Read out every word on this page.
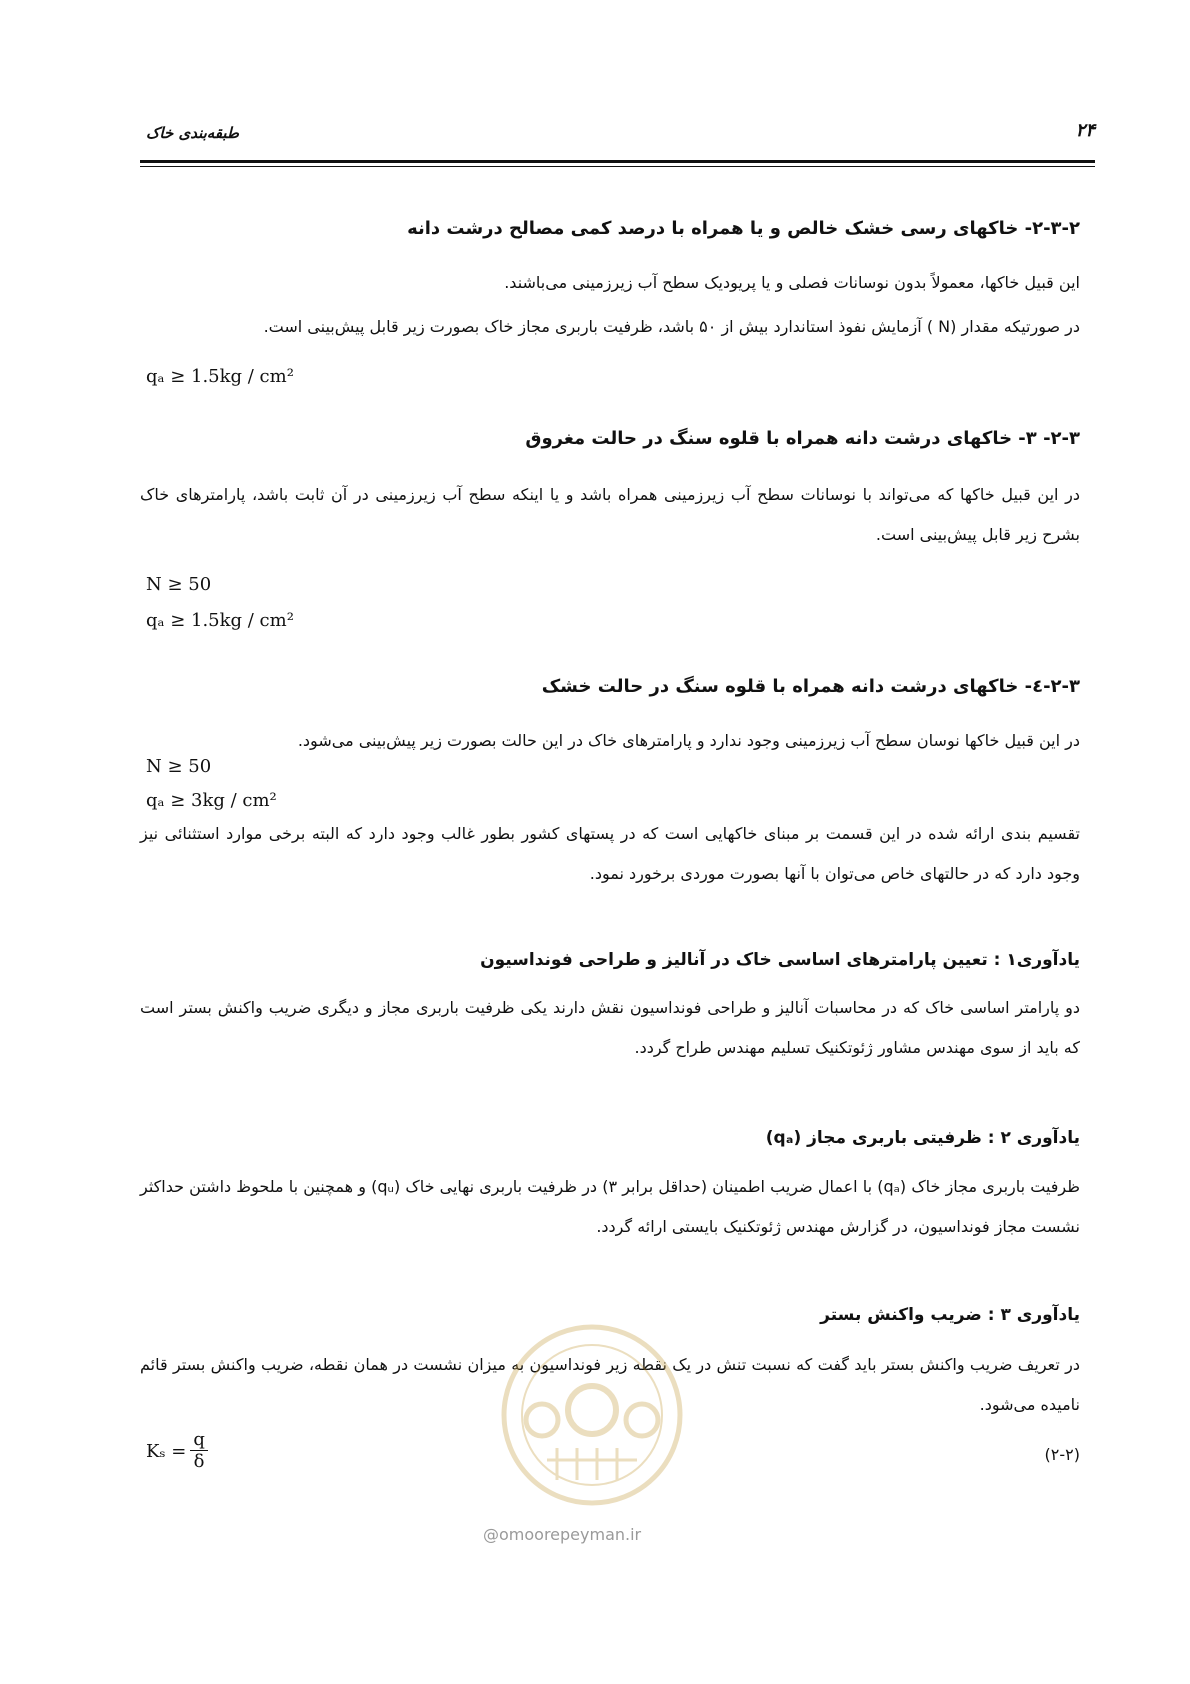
طبقه‌بندی خاک	۲۴
۲-۳-۲- خاکهای رسی خشک خالص و یا همراه با درصد کمی مصالح درشت دانه
این قبیل خاکها، معمولاً بدون نوسانات فصلی و یا پریودیک سطح آب زیرزمینی می‌باشند.
در صورتیکه مقدار (N ) آزمایش نفوذ استاندارد بیش از ۵۰ باشد، ظرفیت باربری مجاز خاک بصورت زیر قابل پیش‌بینی است.
qₐ ≥ 1.5kg / cm²
۲-۳- ۳- خاکهای درشت دانه همراه با قلوه سنگ در حالت مغروق
در این قبیل خاکها که می‌تواند با نوسانات سطح آب زیرزمینی همراه باشد و یا اینکه سطح آب زیرزمینی در آن ثابت باشد، پارامترهای خاک بشرح زیر قابل پیش‌بینی است.
N ≥ 50
qₐ ≥ 1.5kg / cm²
۲-۳-٤- خاکهای درشت دانه همراه با قلوه سنگ در حالت خشک
در این قبیل خاکها نوسان سطح آب زیرزمینی وجود ندارد و پارامترهای خاک در این حالت بصورت زیر پیش‌بینی می‌شود.
N ≥ 50
qₐ ≥ 3kg / cm²
تقسیم بندی ارائه شده در این قسمت بر مبنای خاکهایی است که در پستهای کشور بطور غالب وجود دارد که البته برخی موارد استثنائی نیز وجود دارد که در حالتهای خاص می‌توان با آنها بصورت موردی برخورد نمود.
یادآوری۱ : تعیین پارامترهای اساسی خاک در آنالیز و طراحی فونداسیون
دو پارامتر اساسی خاک که در محاسبات آنالیز و طراحی فونداسیون نقش دارند یکی ظرفیت باربری مجاز و دیگری ضریب واکنش بستر است که باید از سوی مهندس مشاور ژئوتکنیک تسلیم مهندس طراح گردد.
یادآوری ۲ : ظرفیتی باربری مجاز (qₐ)
ظرفیت باربری مجاز خاک (qₐ) با اعمال ضریب اطمینان (حداقل برابر ۳) در ظرفیت باربری نهایی خاک (qᵤ) و همچنین با ملحوظ داشتن حداکثر نشست مجاز فونداسیون، در گزارش مهندس ژئوتکنیک بایستی ارائه گردد.
یادآوری ۳ : ضریب واکنش بستر
در تعریف ضریب واکنش بستر باید گفت که نسبت تنش در یک نقطه زیر فونداسیون به میزان نشست در همان نقطه، ضریب واکنش بستر قائم نامیده می‌شود.
$K_s = \frac{q}{\delta}$	(۲-۲)
@omoorepeyman.ir
